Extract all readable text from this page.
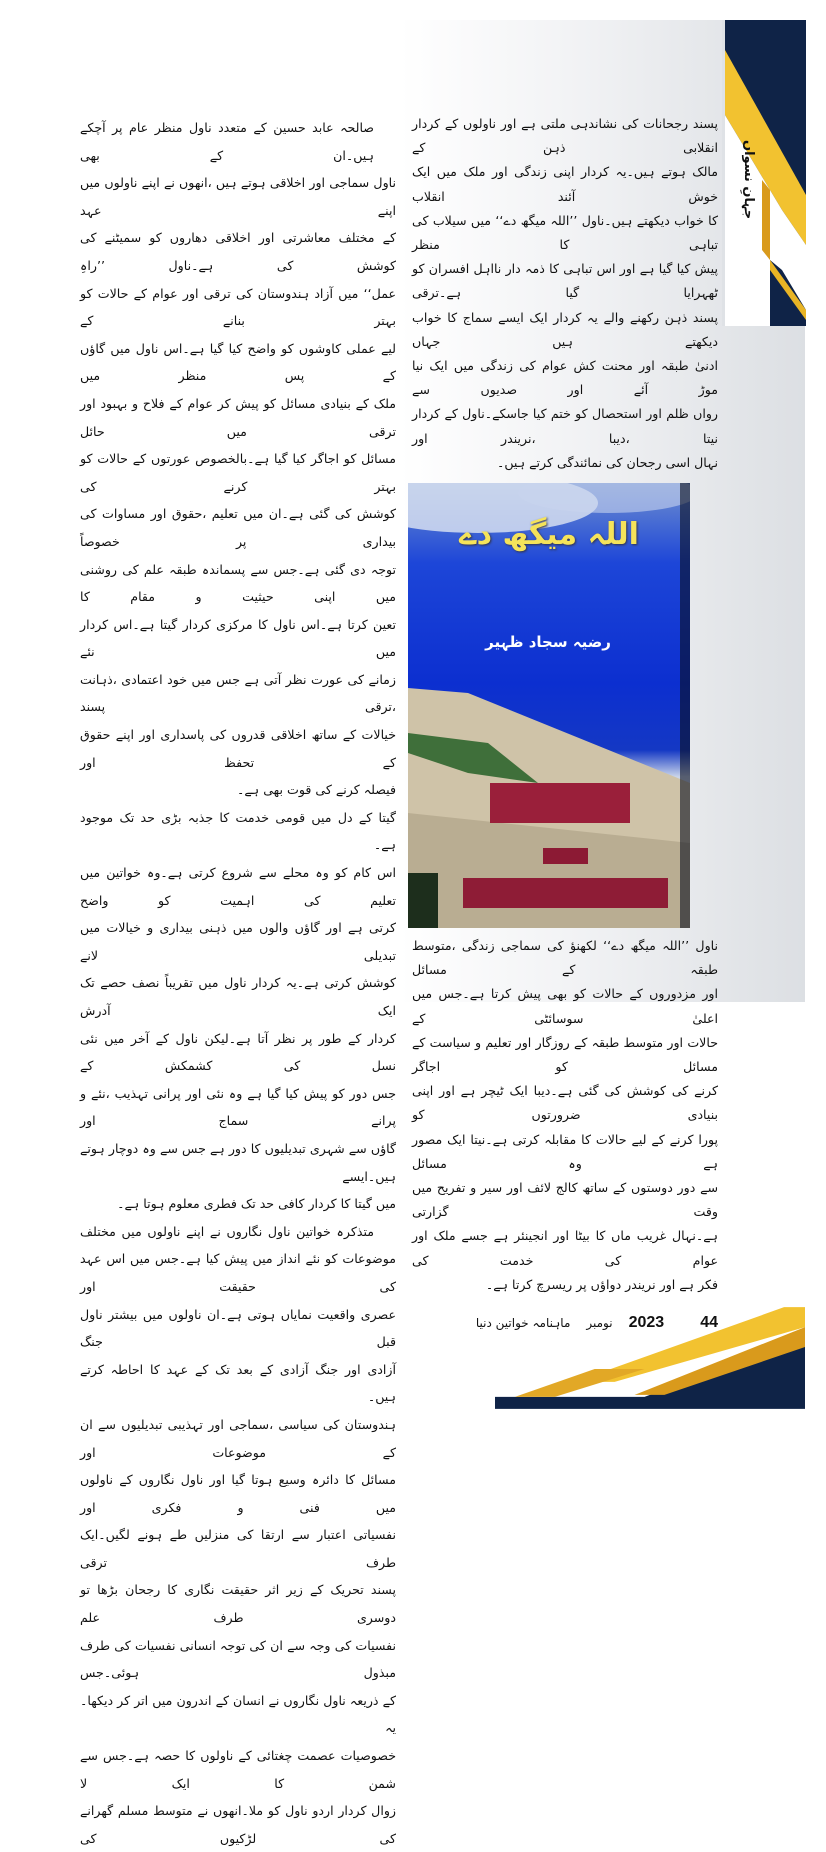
جہانِ نسواں
صالحہ عابد حسین کے متعدد ناول منظر عام پر آچکے ہیں۔ان کے بھی
ناول سماجی اور اخلاقی ہوتے ہیں ،انھوں نے اپنے ناولوں میں اپنے عہد
کے مختلف معاشرتی اور اخلاقی دھاروں کو سمیٹنے کی کوشش کی ہے۔ناول ’’راہِ
عمل‘‘ میں آزاد ہندوستان کی ترقی اور عوام کے حالات کو بہتر بنانے کے
لیے عملی کاوشوں کو واضح کیا گیا ہے۔اس ناول میں گاؤں کے پس منظر میں
ملک کے بنیادی مسائل کو پیش کر عوام کے فلاح و بہبود اور ترقی میں حائل
مسائل کو اجاگر کیا گیا ہے۔بالخصوص عورتوں کے حالات کو بہتر کرنے کی
کوشش کی گئی ہے۔ان میں تعلیم ،حقوق اور مساوات کی بیداری پر خصوصاً
توجہ دی گئی ہے۔جس سے پسماندہ طبقہ علم کی روشنی میں اپنی حیثیت و مقام کا
تعین کرتا ہے۔اس ناول کا مرکزی کردار گیتا ہے۔اس کردار میں نئے
زمانے کی عورت نظر آتی ہے جس میں خود اعتمادی ،ذہانت ،ترقی پسند
خیالات کے ساتھ اخلاقی قدروں کی پاسداری اور اپنے حقوق کے تحفظ اور
فیصلہ کرنے کی قوت بھی ہے۔
گیتا کے دل میں قومی خدمت کا جذبہ بڑی حد تک موجود ہے۔
اس کام کو وہ محلے سے شروع کرتی ہے۔وہ خواتین میں تعلیم کی اہمیت کو واضح
کرتی ہے اور گاؤں والوں میں ذہنی بیداری و خیالات میں تبدیلی لانے
کوشش کرتی ہے۔یہ کردار ناول میں تقریباً نصف حصے تک ایک آدرش
کردار کے طور پر نظر آتا ہے۔لیکن ناول کے آخر میں نئی نسل کی کشمکش کے
جس دور کو پیش کیا گیا ہے وہ نئی اور پرانی تہذیب ،نئے و پرانے سماج اور
گاؤں سے شہری تبدیلیوں کا دور ہے جس سے وہ دوچار ہوتے ہیں۔ایسے
میں گیتا کا کردار کافی حد تک فطری معلوم ہوتا ہے۔
متذکرہ خواتین ناول نگاروں نے اپنے ناولوں میں مختلف
موضوعات کو نئے انداز میں پیش کیا ہے۔جس میں اس عہد کی حقیقت اور
عصری واقعیت نمایاں ہوتی ہے۔ان ناولوں میں بیشتر ناول قبل جنگ
آزادی اور جنگ آزادی کے بعد تک کے عہد کا احاطہ کرتے ہیں۔
ہندوستان کی سیاسی ،سماجی اور تہذیبی تبدیلیوں سے ان کے موضوعات اور
مسائل کا دائرہ وسیع ہوتا گیا اور ناول نگاروں کے ناولوں میں فنی و فکری اور
نفسیاتی اعتبار سے ارتقا کی منزلیں طے ہونے لگیں۔ایک طرف ترقی
پسند تحریک کے زیر اثر حقیقت نگاری کا رجحان بڑھا تو دوسری طرف علم
نفسیات کی وجہ سے ان کی توجہ انسانی نفسیات کی طرف مبذول ہوئی۔جس
کے ذریعہ ناول نگاروں نے انسان کے اندرون میں اتر کر دیکھا۔یہ
خصوصیات عصمت چغتائی کے ناولوں کا حصہ ہے۔جس سے شمن کا ایک لا
زوال کردار اردو ناول کو ملا۔انھوں نے متوسط مسلم گھرانے کی لڑکیوں کی
پسند رجحانات کی نشاندہی ملتی ہے اور ناولوں کے کردار انقلابی ذہن کے
مالک ہوتے ہیں۔یہ کردار اپنی زندگی اور ملک میں ایک خوش آئند انقلاب
کا خواب دیکھتے ہیں۔ناول ’’اللہ میگھ دے‘‘ میں سیلاب کی تباہی کا منظر
پیش کیا گیا ہے اور اس تباہی کا ذمہ دار نااہل افسران کو ٹھہرایا گیا ہے۔ترقی
پسند ذہن رکھنے والے یہ کردار ایک ایسے سماج کا خواب دیکھتے ہیں جہاں
ادنیٰ طبقہ اور محنت کش عوام کی زندگی میں ایک نیا موڑ آئے اور صدیوں سے
رواں ظلم اور استحصال کو ختم کیا جاسکے۔ناول کے کردار نیتا ،دیبا ،نریندر اور
نہال اسی رجحان کی نمائندگی کرتے ہیں۔
اللہ میگھ دے
رضیہ سجاد ظہیر
ناول ’’اللہ میگھ دے‘‘ لکھنؤ کی سماجی زندگی ،متوسط طبقہ کے مسائل
اور مزدوروں کے حالات کو بھی پیش کرتا ہے۔جس میں اعلیٰ سوسائٹی کے
حالات اور متوسط طبقہ کے روزگار اور تعلیم و سیاست کے مسائل کو اجاگر
کرنے کی کوشش کی گئی ہے۔دیبا ایک ٹیچر ہے اور اپنی بنیادی ضرورتوں کو
پورا کرنے کے لیے حالات کا مقابلہ کرتی ہے۔نیتا ایک مصور ہے وہ مسائل
سے دور دوستوں کے ساتھ کالج لائف اور سیر و تفریح میں وقت گزارتی
ہے۔نہال غریب ماں کا بیٹا اور انجینئر ہے جسے ملک اور عوام کی خدمت کی
فکر ہے اور نریندر دواؤں پر ریسرچ کرتا ہے۔
ماہنامہ خواتین دنیا نومبر 2023 44
